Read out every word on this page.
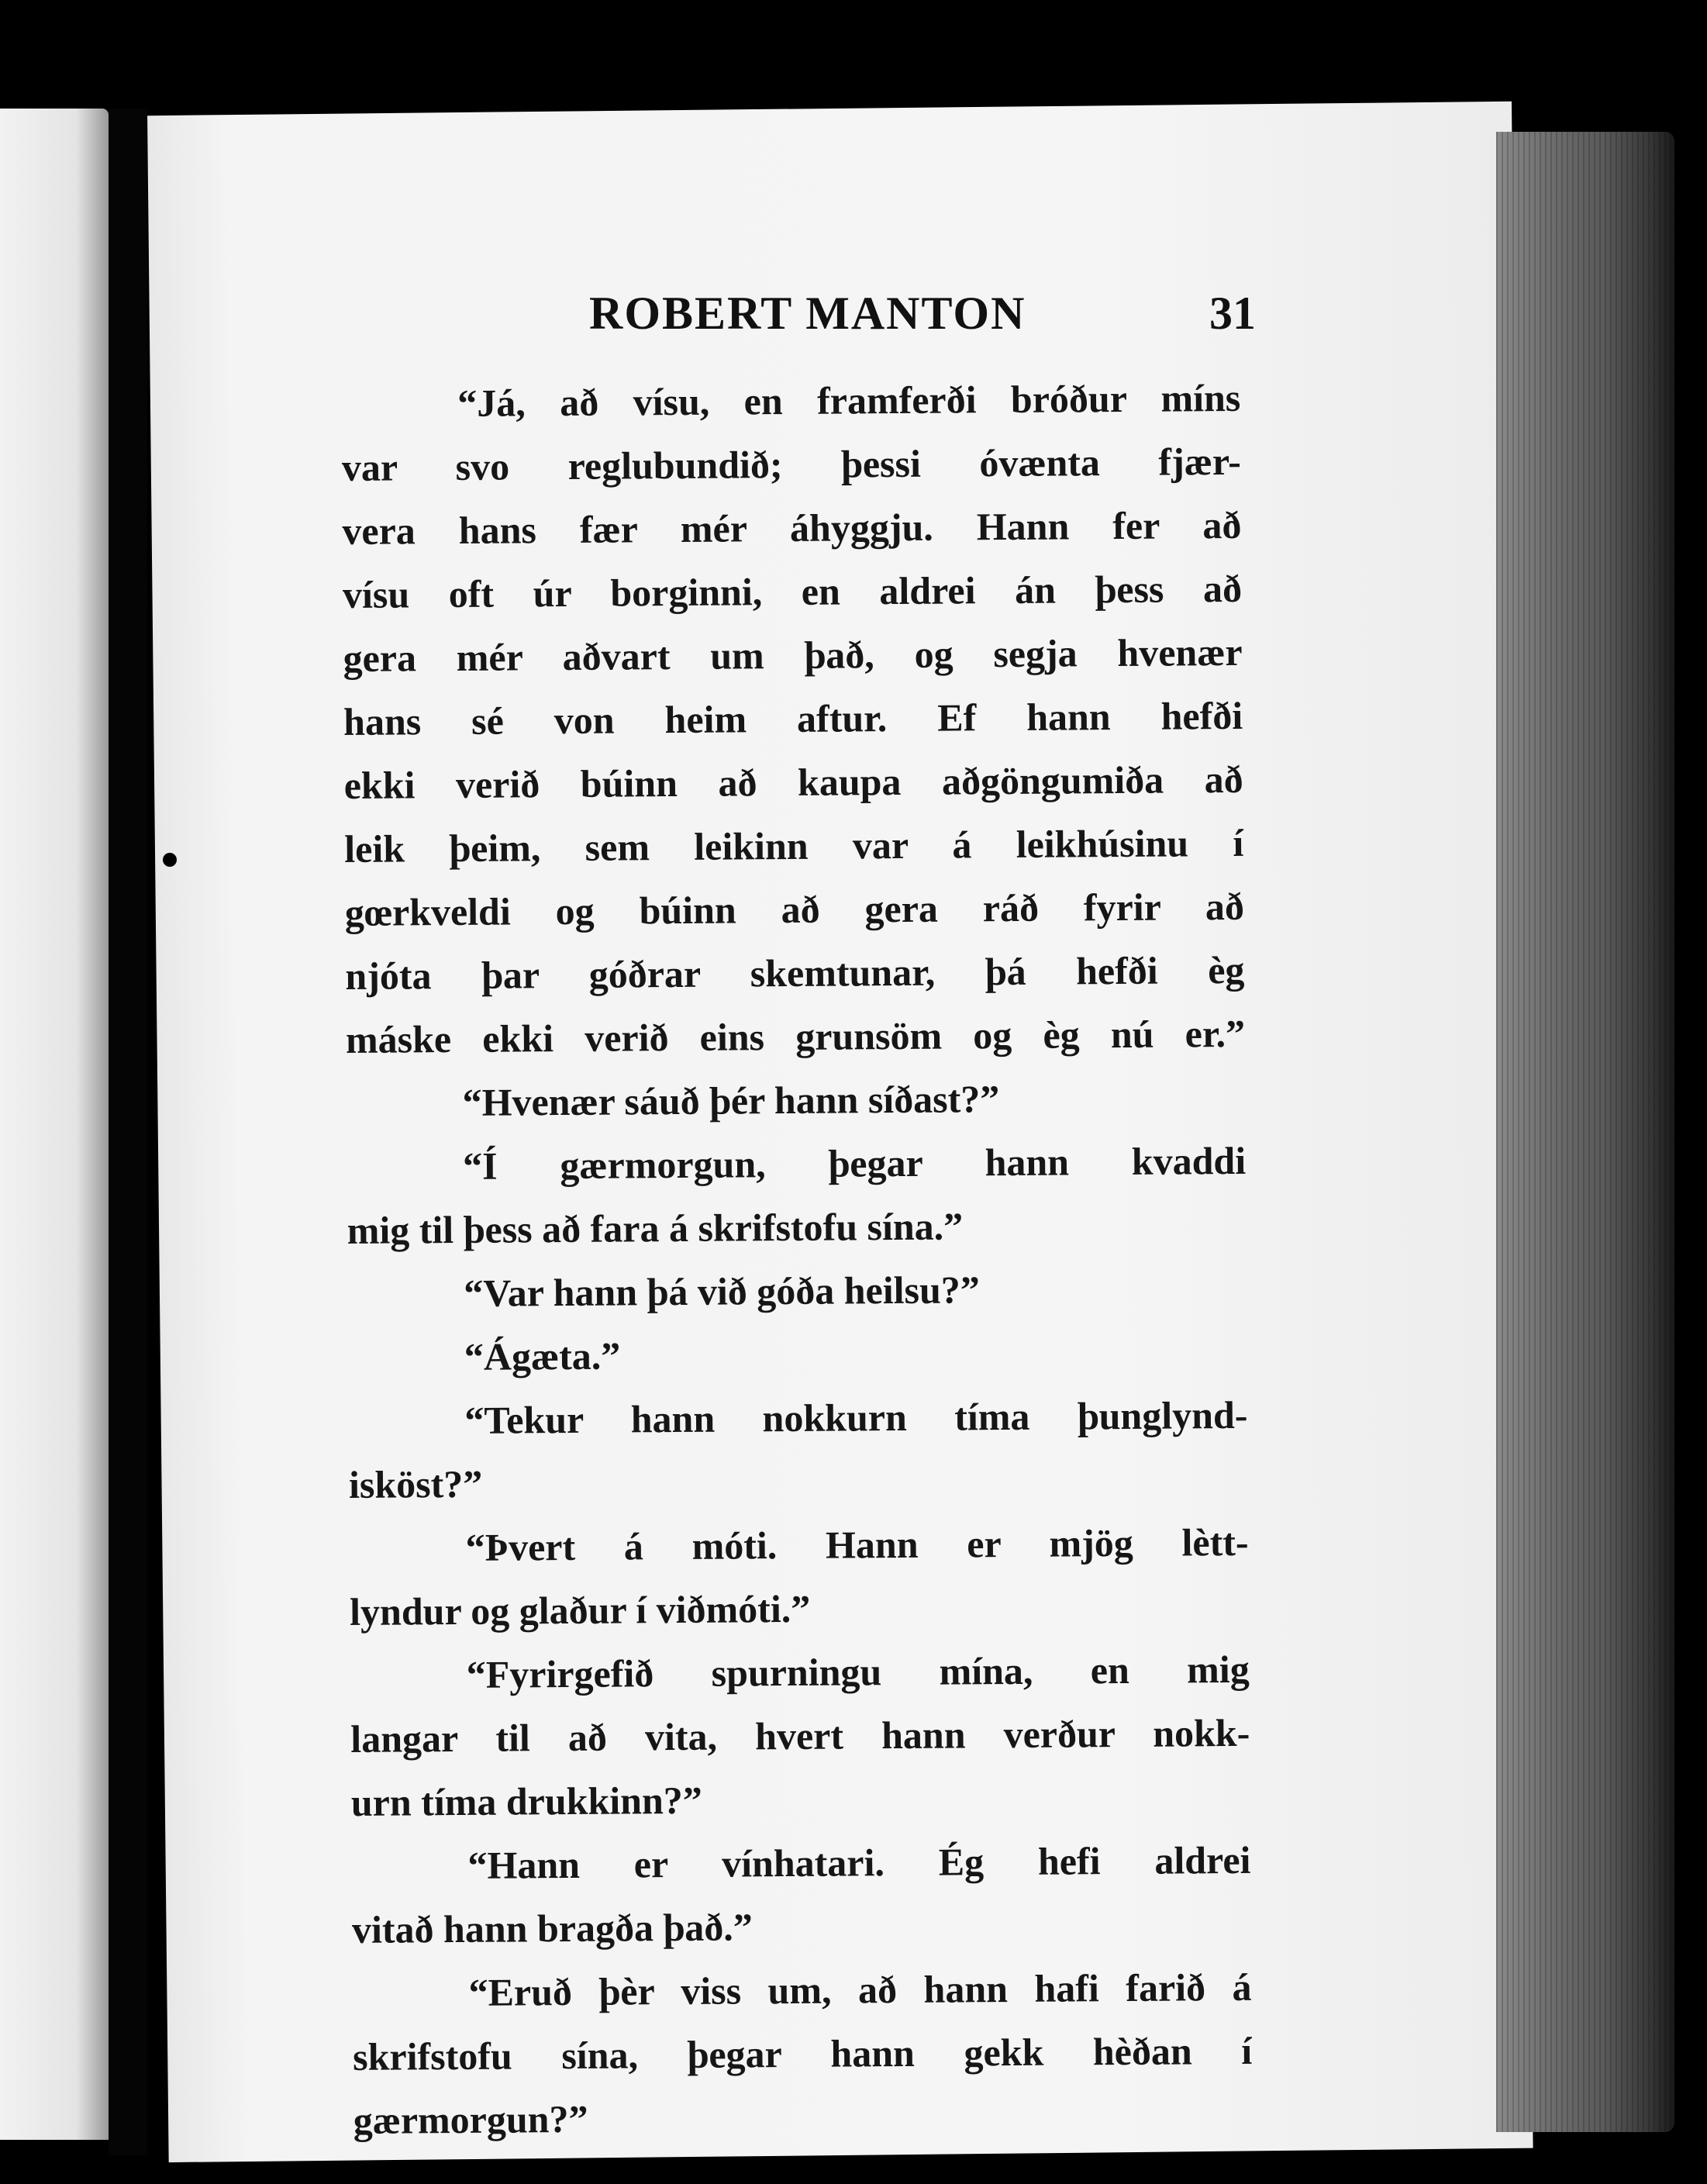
ROBERT MANTON	31
“Já, að vísu, en framferði bróður míns
var svo reglubundið; þessi óvænta fjær-
vera hans fær mér áhyggju. Hann fer að
vísu oft úr borginni, en aldrei án þess að
gera mér aðvart um það, og segja hvenær
hans sé von heim aftur. Ef hann hefði
ekki verið búinn að kaupa aðgöngumiða að
leik þeim, sem leikinn var á leikhúsinu í
gœrkveldi og búinn að gera ráð fyrir að
njóta þar góðrar skemtunar, þá hefði èg
máske ekki verið eins grunsöm og èg nú er.”
“Hvenær sáuð þér hann síðast?”
“Í gærmorgun, þegar hann kvaddi
mig til þess að fara á skrifstofu sína.”
“Var hann þá við góða heilsu?”
“Ágæta.”
“Tekur hann nokkurn tíma þunglynd-
isköst?”
“Þvert á móti. Hann er mjög lètt-
lyndur og glaður í viðmóti.”
“Fyrirgefið spurningu mína, en mig
langar til að vita, hvert hann verður nokk-
urn tíma drukkinn?”
“Hann er vínhatari. Ég hefi aldrei
vitað hann bragða það.”
“Eruð þèr viss um, að hann hafi farið á
skrifstofu sína, þegar hann gekk hèðan í
gærmorgun?”
